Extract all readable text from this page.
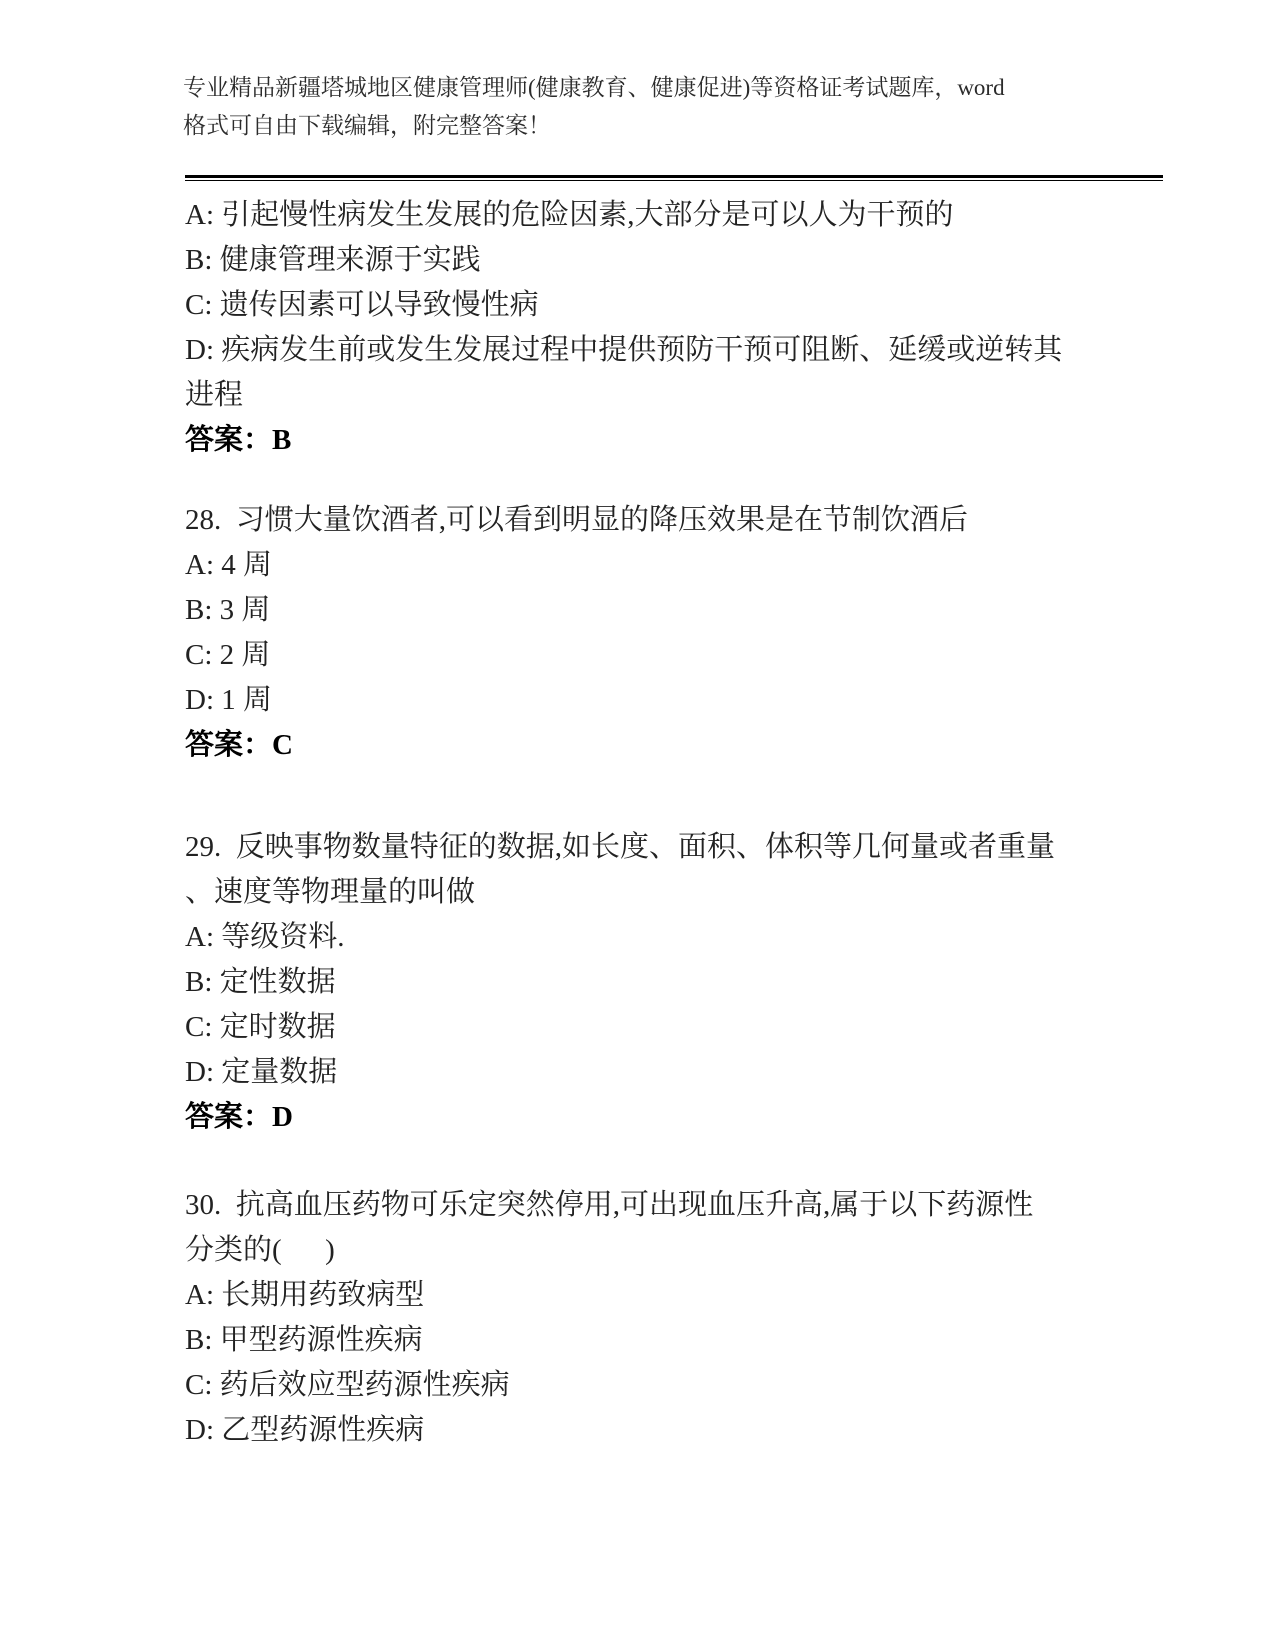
专业精品新疆塔城地区健康管理师(健康教育、健康促进)等资格证考试题库，word
格式可自由下载编辑，附完整答案！
A: 引起慢性病发生发展的危险因素,大部分是可以人为干预的
B: 健康管理来源于实践
C: 遗传因素可以导致慢性病
D: 疾病发生前或发生发展过程中提供预防干预可阻断、延缓或逆转其
进程
答案：B
28.  习惯大量饮酒者,可以看到明显的降压效果是在节制饮酒后
A: 4 周
B: 3 周
C: 2 周
D: 1 周
答案：C
29.  反映事物数量特征的数据,如长度、面积、体积等几何量或者重量
、速度等物理量的叫做
A: 等级资料.
B: 定性数据
C: 定时数据
D: 定量数据
答案：D
30.  抗高血压药物可乐定突然停用,可出现血压升高,属于以下药源性
分类的(      )
A: 长期用药致病型
B: 甲型药源性疾病
C: 药后效应型药源性疾病
D: 乙型药源性疾病
